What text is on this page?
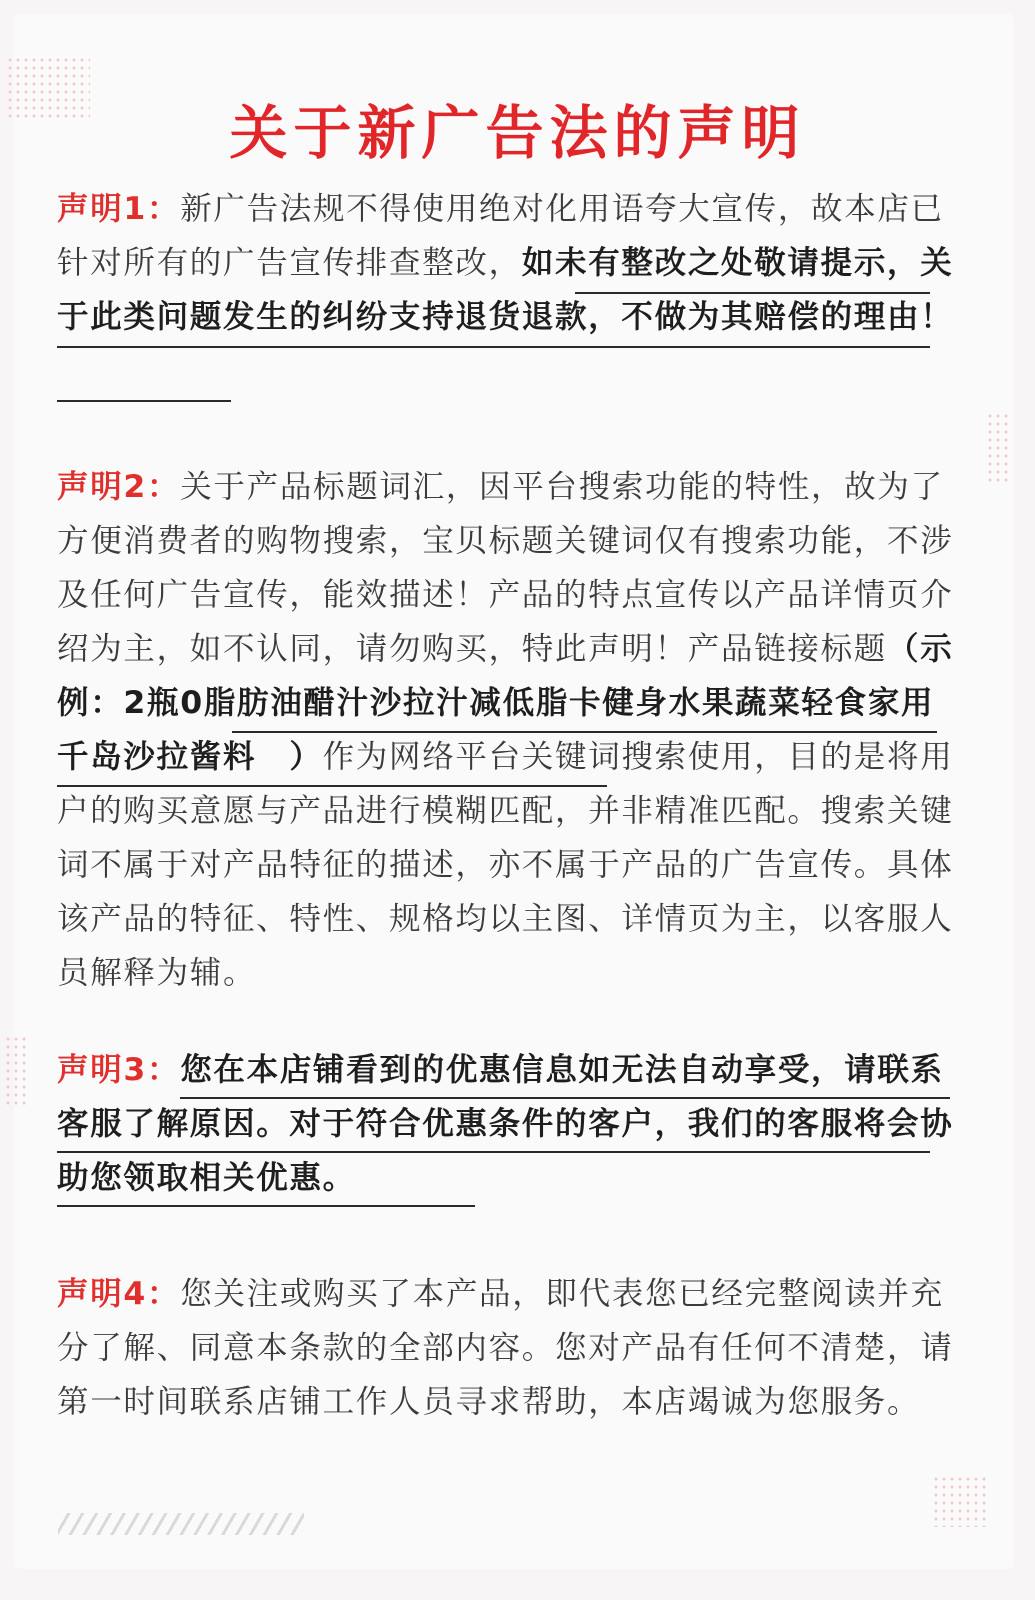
关于新广告法的声明
声明1：新广告法规不得使用绝对化用语夸大宣传，故本店已针对所有的广告宣传排查整改，如未有整改之处敬请提示，关于此类问题发生的纠纷支持退货退款，不做为其赔偿的理由！
声明2：关于产品标题词汇，因平台搜索功能的特性，故为了方便消费者的购物搜索，宝贝标题关键词仅有搜索功能，不涉及任何广告宣传，能效描述！产品的特点宣传以产品详情页介绍为主，如不认同，请勿购买，特此声明！产品链接标题（示例：2瓶0脂肪油醋汁沙拉汁减低脂卡健身水果蔬菜轻食家用千岛沙拉酱料　）作为网络平台关键词搜索使用，目的是将用户的购买意愿与产品进行模糊匹配，并非精准匹配。搜索关键词不属于对产品特征的描述，亦不属于产品的广告宣传。具体该产品的特征、特性、规格均以主图、详情页为主，以客服人员解释为辅。
声明3：您在本店铺看到的优惠信息如无法自动享受，请联系客服了解原因。对于符合优惠条件的客户，我们的客服将会协助您领取相关优惠。
声明4：您关注或购买了本产品，即代表您已经完整阅读并充分了解、同意本条款的全部内容。您对产品有任何不清楚，请第一时间联系店铺工作人员寻求帮助，本店竭诚为您服务。
